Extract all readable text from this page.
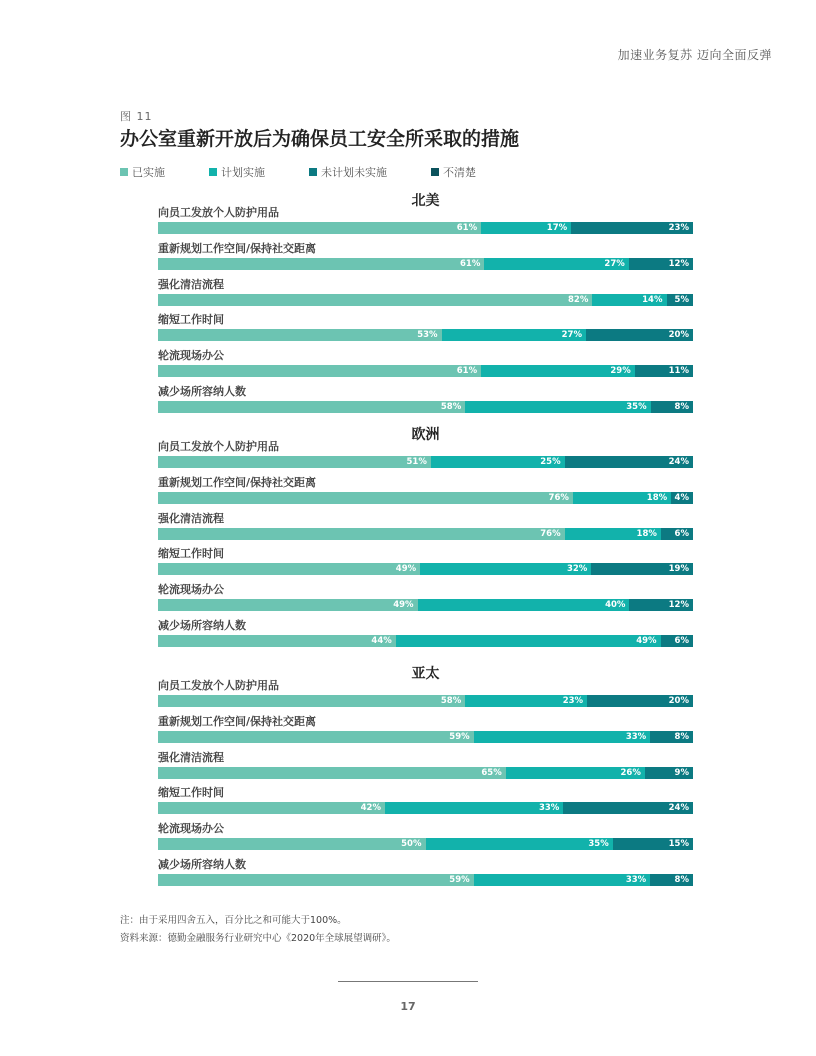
加速业务复苏 迈向全面反弹
图 11
办公室重新开放后为确保员工安全所采取的措施
已实施	计划实施	未计划未实施	不清楚
北美
向员工发放个人防护用品
61%	17%	23%
重新规划工作空间/保持社交距离
61%	27%	12%
强化清洁流程
82%	14% 5%
缩短工作时间
53%	27%	20%
轮流现场办公
61%	29%	11%
减少场所容纳人数
58%	35%	8%
欧洲
向员工发放个人防护用品
51%	25%	24%
重新规划工作空间/保持社交距离
76%	18% 4%
强化清洁流程
76%	18% 6%
缩短工作时间
49%	32%	19%
轮流现场办公
49%	40%	12%
减少场所容纳人数
44%	49% 6%
亚太
向员工发放个人防护用品
58%	23%	20%
重新规划工作空间/保持社交距离
59%	33%	8%
强化清洁流程
65%	26%	9%
缩短工作时间
42%	33%	24%
轮流现场办公
50%	35%	15%
减少场所容纳人数
59%	33%	8%
注：由于采用四舍五入，百分比之和可能大于100%。
资料来源：德勤金融服务行业研究中心《2020年全球展望调研》。
17
